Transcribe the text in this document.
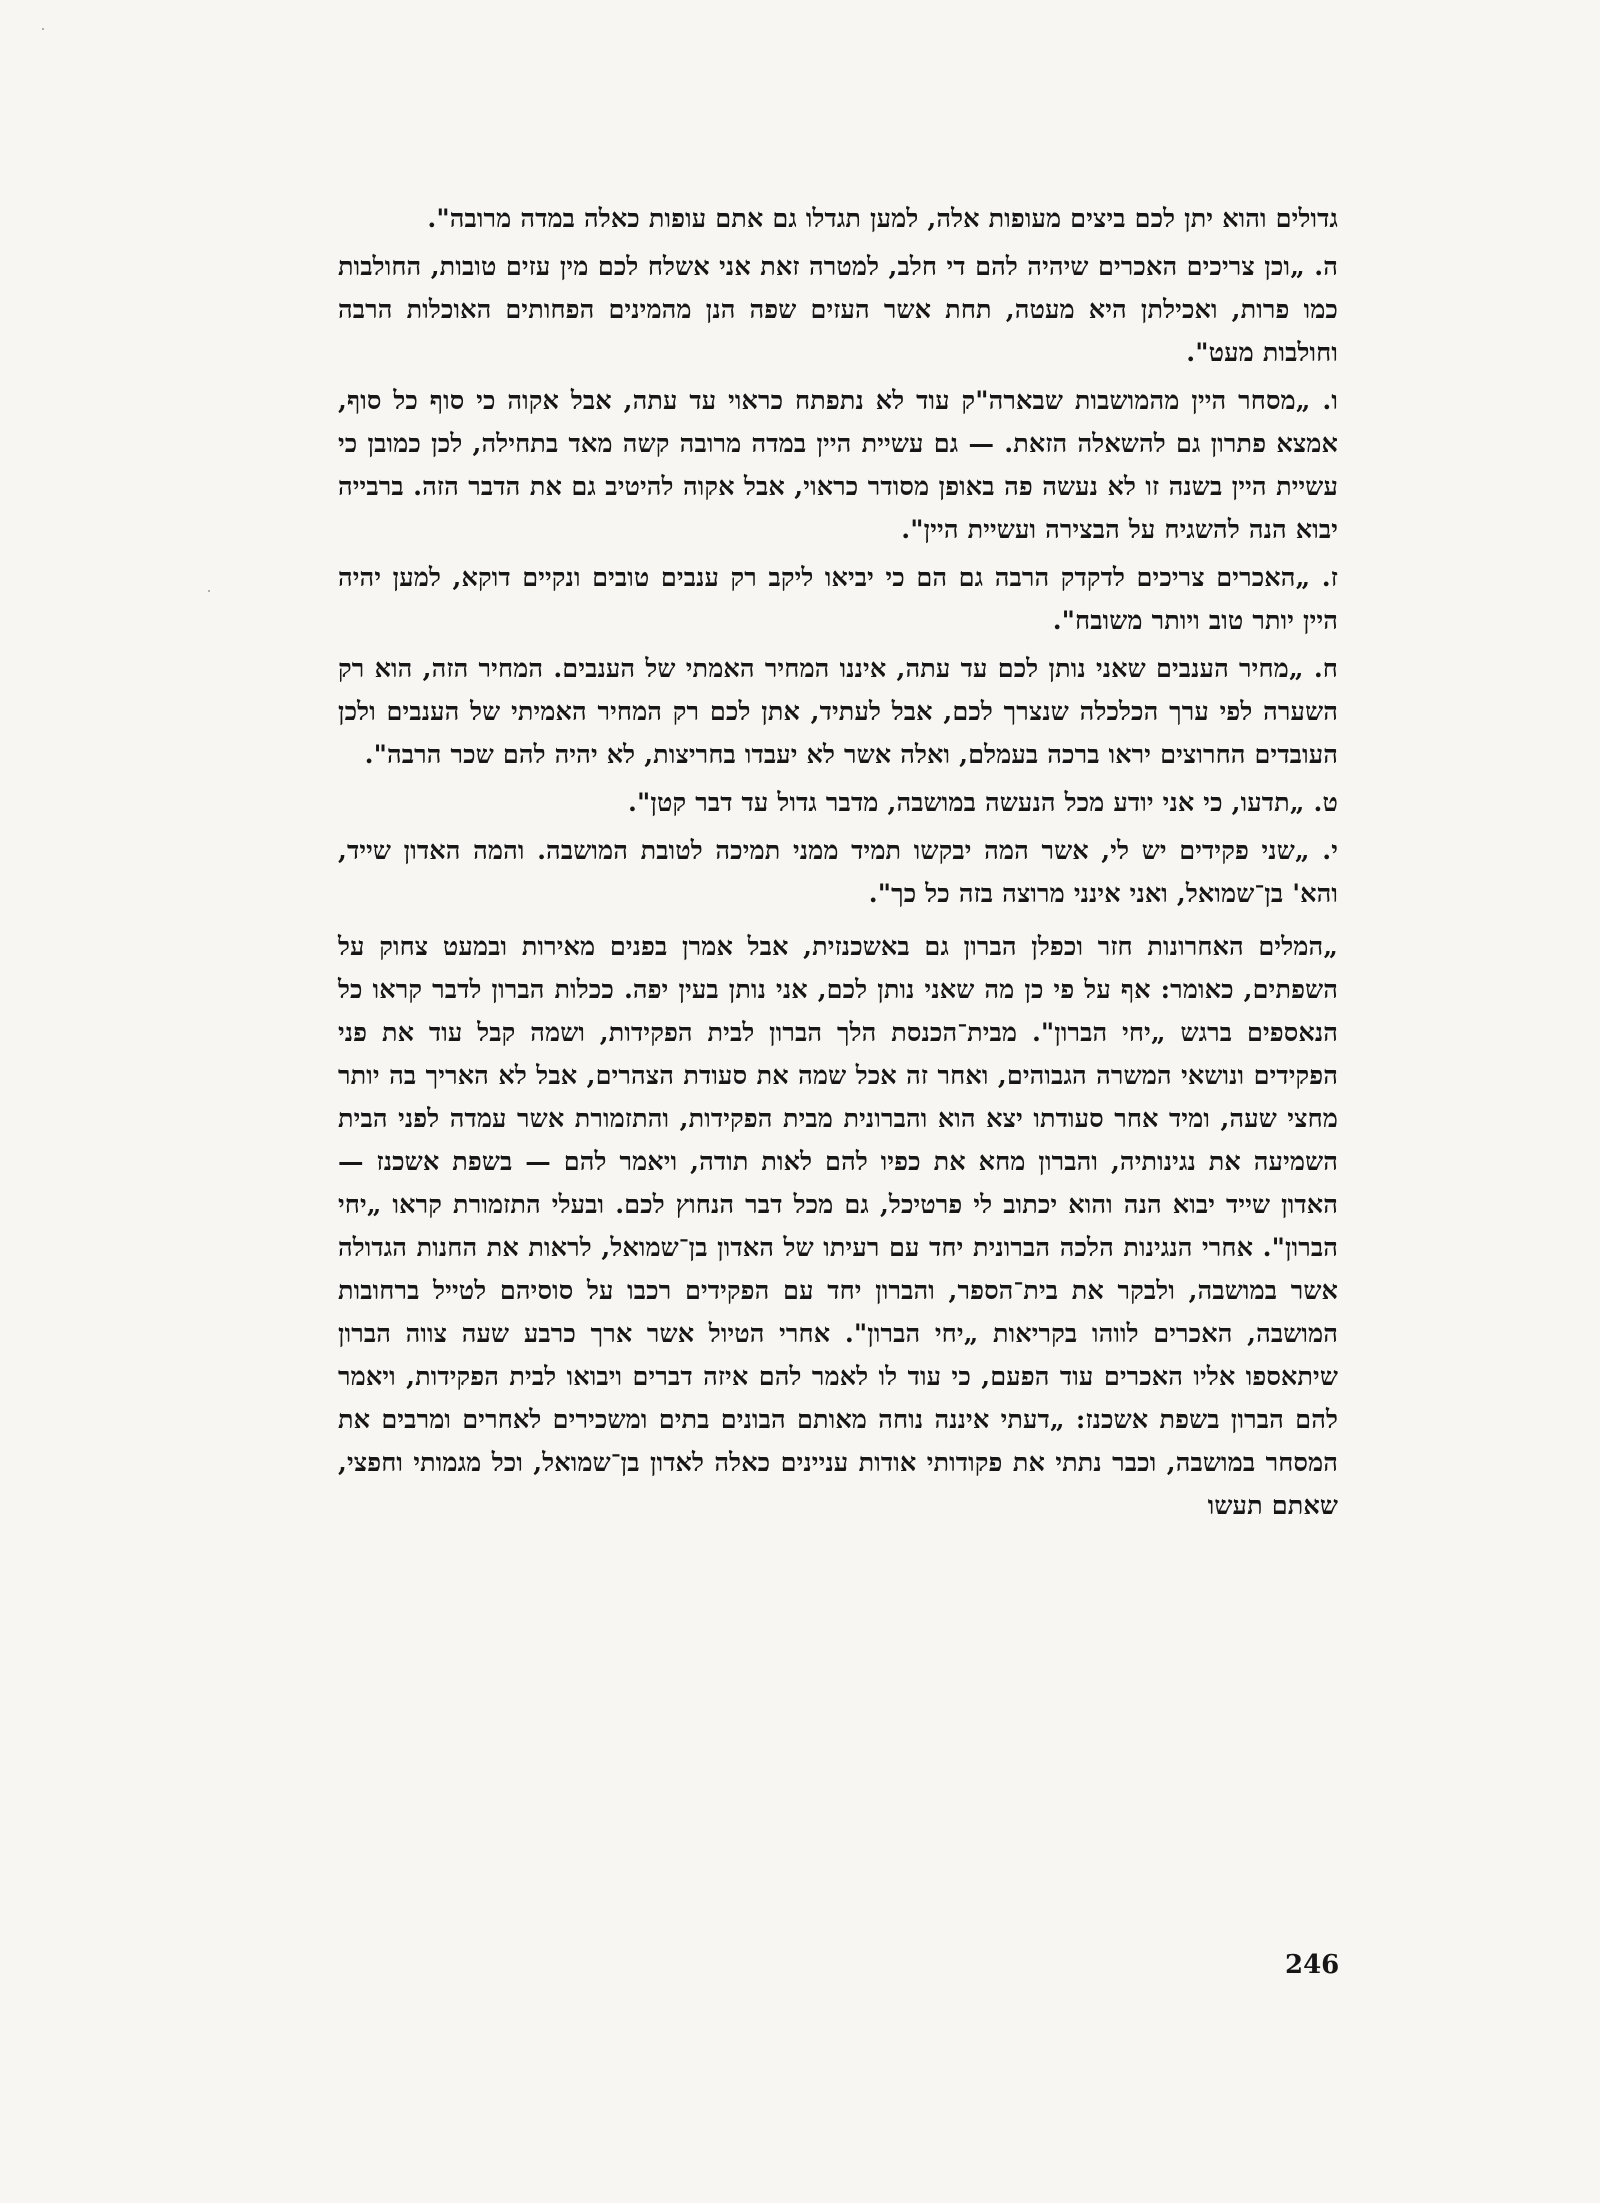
גדולים והוא יתן לכם ביצים מעופות אלה, למען תגדלו גם אתם עופות כאלה במדה מרובה".

ה. „וכן צריכים האכרים שיהיה להם די חלב, למטרה זאת אני אשלח לכם מין עזים טובות, החולבות כמו פרות, ואכילתן היא מעטה, תחת אשר העזים שפה הנן מהמינים הפחותים האוכלות הרבה וחולבות מעט".

ו. „מסחר היין מהמושבות שבארה"ק עוד לא נתפתח כראוי עד עתה, אבל אקוה כי סוף כל סוף, אמצא פתרון גם להשאלה הזאת. — גם עשיית היין במדה מרובה קשה מאד בתחילה, לכן כמובן כי עשיית היין בשנה זו לא נעשה פה באופן מסודר כראוי, אבל אקוה להיטיב גם את הדבר הזה. ברבייה יבוא הנה להשגיח על הבצירה ועשיית היין".

ז. „האכרים צריכים לדקדק הרבה גם הם כי יביאו ליקב רק ענבים טובים ונקיים דוקא, למען יהיה היין יותר טוב ויותר משובח".

ח. „מחיר הענבים שאני נותן לכם עד עתה, איננו המחיר האמתי של הענבים. המחיר הזה, הוא רק השערה לפי ערך הכלכלה שנצרך לכם, אבל לעתיד, אתן לכם רק המחיר האמיתי של הענבים ולכן העובדים החרוצים יראו ברכה בעמלם, ואלה אשר לא יעבדו בחריצות, לא יהיה להם שכר הרבה".

ט. „תדעו, כי אני יודע מכל הנעשה במושבה, מדבר גדול עד דבר קטן".

י. „שני פקידים יש לי, אשר המה יבקשו תמיד ממני תמיכה לטובת המושבה. והמה האדון שייד, והא' בן־שמואל, ואני אינני מרוצה בזה כל כך".

„המלים האחרונות חזר וכפלן הברון גם באשכנזית, אבל אמרן בפנים מאירות ובמעט צחוק על השפתים, כאומר: אף על פי כן מה שאני נותן לכם, אני נותן בעין יפה. ככלות הברון לדבר קראו כל הנאספים ברגש „יחי הברון". מבית־הכנסת הלך הברון לבית הפקידות, ושמה קבל עוד את פני הפקידים ונושאי המשרה הגבוהים, ואחר זה אכל שמה את סעודת הצהרים, אבל לא האריך בה יותר מחצי שעה, ומיד אחר סעודתו יצא הוא והברונית מבית הפקידות, והתזמורת אשר עמדה לפני הבית השמיעה את נגינותיה, והברון מחא את כפיו להם לאות תודה, ויאמר להם — בשפת אשכנז — האדון שייד יבוא הנה והוא יכתוב לי פרטיכל, גם מכל דבר הנחוץ לכם. ובעלי התזמורת קראו „יחי הברון". אחרי הנגינות הלכה הברונית יחד עם רעיתו של האדון בן־שמואל, לראות את החנות הגדולה אשר במושבה, ולבקר את בית־הספר, והברון יחד עם הפקידים רכבו על סוסיהם לטייל ברחובות המושבה, האכרים לווהו בקריאות „יחי הברון". אחרי הטיול אשר ארך כרבע שעה צווה הברון שיתאספו אליו האכרים עוד הפעם, כי עוד לו לאמר להם איזה דברים ויבואו לבית הפקידות, ויאמר להם הברון בשפת אשכנז: „דעתי איננה נוחה מאותם הבונים בתים ומשכירים לאחרים ומרבים את המסחר במושבה, וכבר נתתי את פקודותי אודות עניינים כאלה לאדון בן־שמואל, וכל מגמותי וחפצי, שאתם תעשו

246
